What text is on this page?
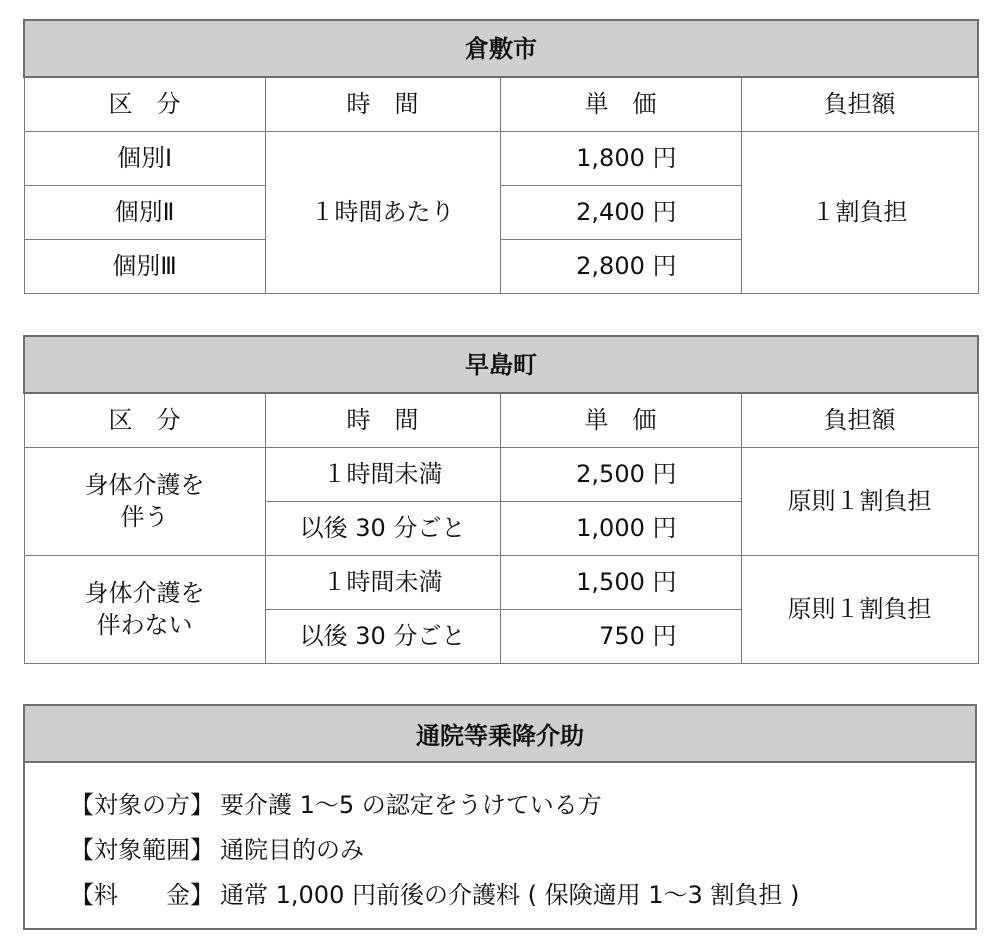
倉敷市			
区　分	時　間	単　価	負担額
個別Ⅰ	１時間あたり	1,800 円	１割負担
個別Ⅱ		2,400 円	
個別Ⅲ		2,800 円	
早島町			
区　分	時　間	単　価	負担額

身体介護を
伴う	１時間未満	2,500 円	原則１割負担
	以後 30 分ごと	1,000 円	

身体介護を
伴わない	１時間未満	1,500 円	原則１割負担
	以後 30 分ごと	750 円	
通院等乗降介助
【対象の方】 要介護 1～5 の認定をうけている方
【対象範囲】 通院目的のみ
【料　　金】 通常 1,000 円前後の介護料 ( 保険適用 1～3 割負担 )
